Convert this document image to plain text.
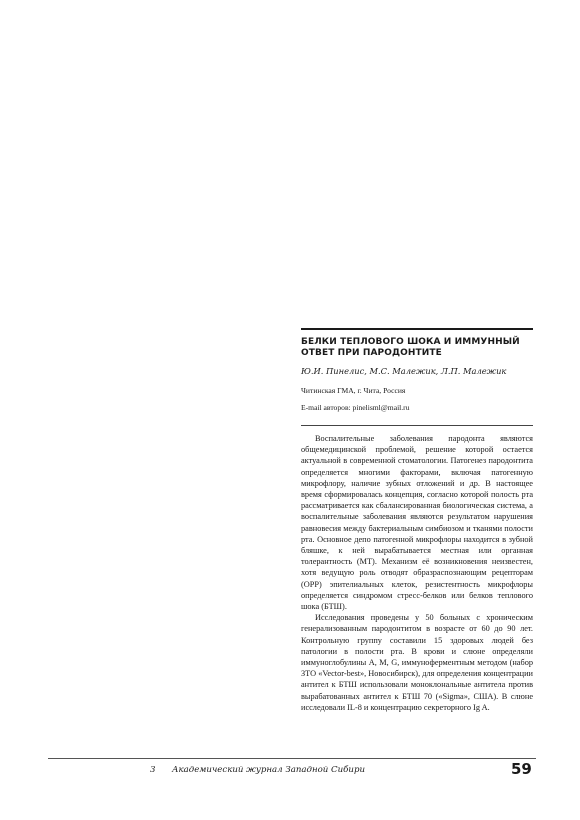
БЕЛКИ ТЕПЛОВОГО ШОКА И ИММУННЫЙ ОТВЕТ ПРИ ПАРОДОНТИТЕ

Ю.И. Пинелис, М.С. Малежик, Л.П. Малежик

Читинская ГМА, г. Чита, Россия

E-mail авторов: pinelisml@mail.ru

Воспалительные заболевания пародонта являются общемедицинской проблемой, решение которой остается актуальной в современной стоматологии. Патогенез пародонтита определяется многими факторами, включая патогенную микрофлору, наличие зубных отложений и др. В настоящее время сформировалась концепция, согласно которой полость рта рассматривается как сбалансированная биологическая система, а воспалительные заболевания являются результатом нарушения равновесия между бактериальным симбиозом и тканями полости рта. Основное депо патогенной микрофлоры находится в зубной бляшке, к ней вырабатывается местная или органная толерантность (МТ). Механизм её возникновения неизвестен, хотя ведущую роль отводят образраспознающим рецепторам (ОРР) эпителиальных клеток, резистентность микрофлоры определяется синдромом стресс-белков или белков теплового шока (БТШ).

Исследования проведены у 50 больных с хроническим генерализованным пародонтитом в возрасте от 60 до 90 лет. Контрольную группу составили 15 здоровых людей без патологии в полости рта. В крови и слюне определяли иммуноглобулины A, M, G, иммуноферментным методом (набор ЗТО «Vector-best», Новосибирск), для определения концентрации антител к БТШ использовали моноклональные антитела против вырабатованных антител к БТШ 70 («Sigma», США). В слюне исследовали IL-8 и концентрацию секреторного Ig A.

3 Академический журнал Западной Сибири	59
